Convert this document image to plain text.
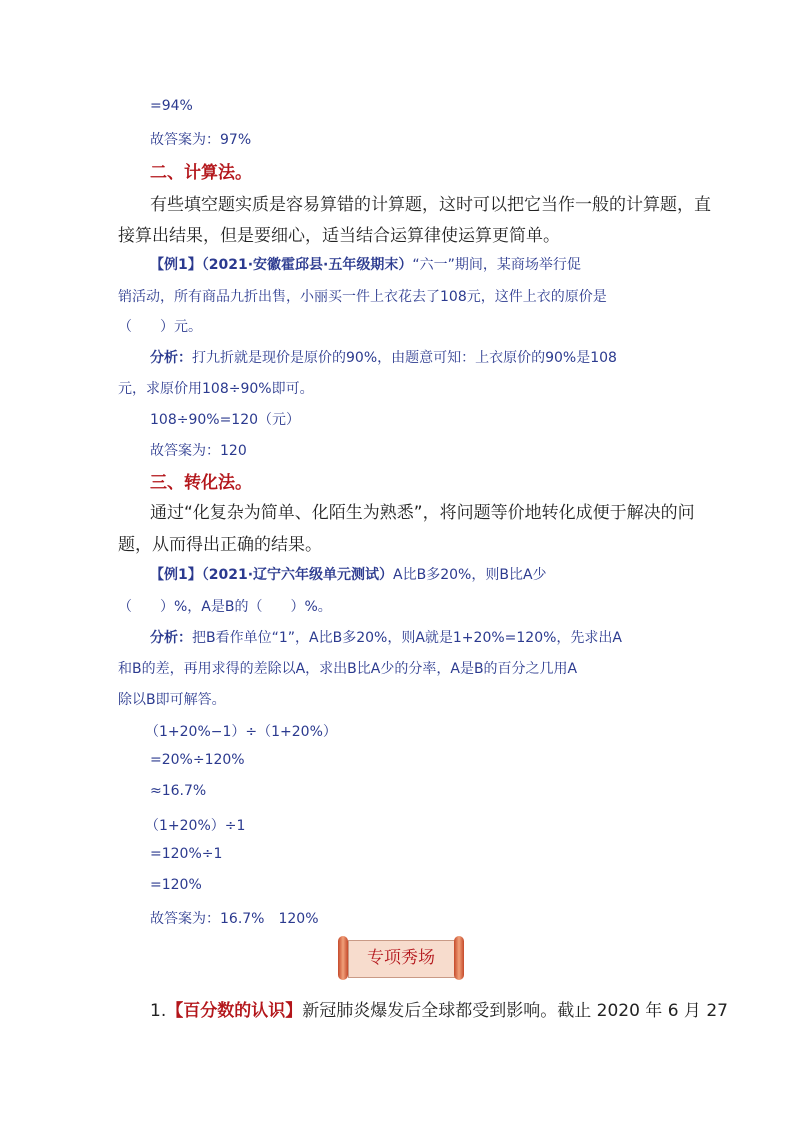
=94%
故答案为：97%
二、计算法。
有些填空题实质是容易算错的计算题，这时可以把它当作一般的计算题，直
接算出结果，但是要细心，适当结合运算律使运算更简单。
【例1】（2021·安徽霍邱县·五年级期末）“六一”期间，某商场举行促
销活动，所有商品九折出售，小丽买一件上衣花去了108元，这件上衣的原价是
（　　）元。
分析：打九折就是现价是原价的90%，由题意可知：上衣原价的90%是108
元，求原价用108÷90%即可。
108÷90%=120（元）
故答案为：120
三、转化法。
通过“化复杂为简单、化陌生为熟悉”，将问题等价地转化成便于解决的问
题，从而得出正确的结果。
【例1】（2021·辽宁六年级单元测试）A比B多20%，则B比A少
（　　）%，A是B的（　　）%。
分析：把B看作单位“1”，A比B多20%，则A就是1+20%=120%，先求出A
和B的差，再用求得的差除以A，求出B比A少的分率，A是B的百分之几用A
除以B即可解答。
（1+20%−1）÷（1+20%）
=20%÷120%
≈16.7%
（1+20%）÷1
=120%÷1
=120%
故答案为：16.7%　120%
专项秀场
1.【百分数的认识】新冠肺炎爆发后全球都受到影响。截止 2020 年 6 月 27
